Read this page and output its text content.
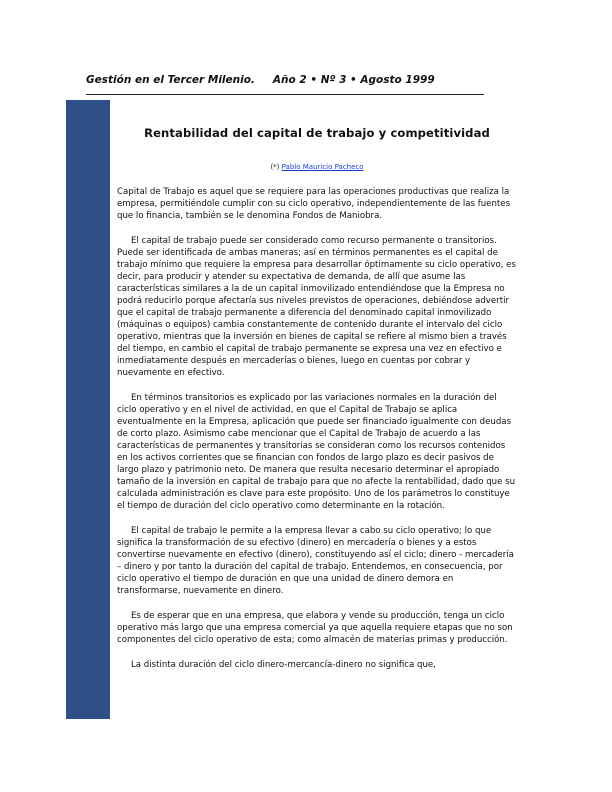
Gestión en el Tercer Milenio. Año 2 • Nº 3 • Agosto 1999
Rentabilidad del capital de trabajo y competitividad

(*) Pablo Mauricio Pacheco

Capital de Trabajo es aquel que se requiere para las operaciones productivas que realiza la empresa, permitiéndole cumplir con su ciclo operativo, independientemente de las fuentes que lo financia, también se le denomina Fondos de Maniobra.

El capital de trabajo puede ser considerado como recurso permanente o transitorios. Puede ser identificada de ambas maneras; así en términos permanentes es el capital de trabajo mínimo que requiere la empresa para desarrollar óptimamente su ciclo operativo, es decir, para producir y atender su expectativa de demanda, de allí que asume las características similares a la de un capital inmovilizado entendiéndose que la Empresa no podrá reducirlo porque afectaría sus niveles previstos de operaciones, debiéndose advertir que el capital de trabajo permanente a diferencia del denominado capital inmovilizado (máquinas o equipos) cambia constantemente de contenido durante el intervalo del ciclo operativo, mientras que la inversión en bienes de capital se refiere al mismo bien a través del tiempo, en cambio el capital de trabajo permanente se expresa una vez en efectivo e inmediatamente después en mercaderías o bienes, luego en cuentas por cobrar y nuevamente en efectivo.

En términos transitorios es explicado por las variaciones normales en la duración del ciclo operativo y en el nivel de actividad, en que el Capital de Trabajo se aplica eventualmente en la Empresa, aplicación que puede ser financiado igualmente con deudas de corto plazo. Asimismo cabe mencionar que el Capital de Trabajo de acuerdo a las características de permanentes y transitorias se consideran como los recursos contenidos en los activos corrientes que se financian con fondos de largo plazo es decir pasivos de largo plazo y patrimonio neto. De manera que resulta necesario determinar el apropiado tamaño de la inversión en capital de trabajo para que no afecte la rentabilidad, dado que su calculada administración es clave para este propósito. Uno de los parámetros lo constituye el tiempo de duración del ciclo operativo como determinante en la rotación.

El capital de trabajo le permite a la empresa llevar a cabo su ciclo operativo; lo que significa la transformación de su efectivo (dinero) en mercadería o bienes y a estos convertirse nuevamente en efectivo (dinero), constituyendo así el ciclo; dinero - mercadería – dinero y por tanto la duración del capital de trabajo. Entendemos, en consecuencia, por ciclo operativo el tiempo de duración en que una unidad de dinero demora en transformarse, nuevamente en dinero.

Es de esperar que en una empresa, que elabora y vende su producción, tenga un ciclo operativo más largo que una empresa comercial ya que aquella requiere etapas que no son componentes del ciclo operativo de esta; como almacén de materias primas y producción.

La distinta duración del ciclo dinero-mercancía-dinero no significa que,
